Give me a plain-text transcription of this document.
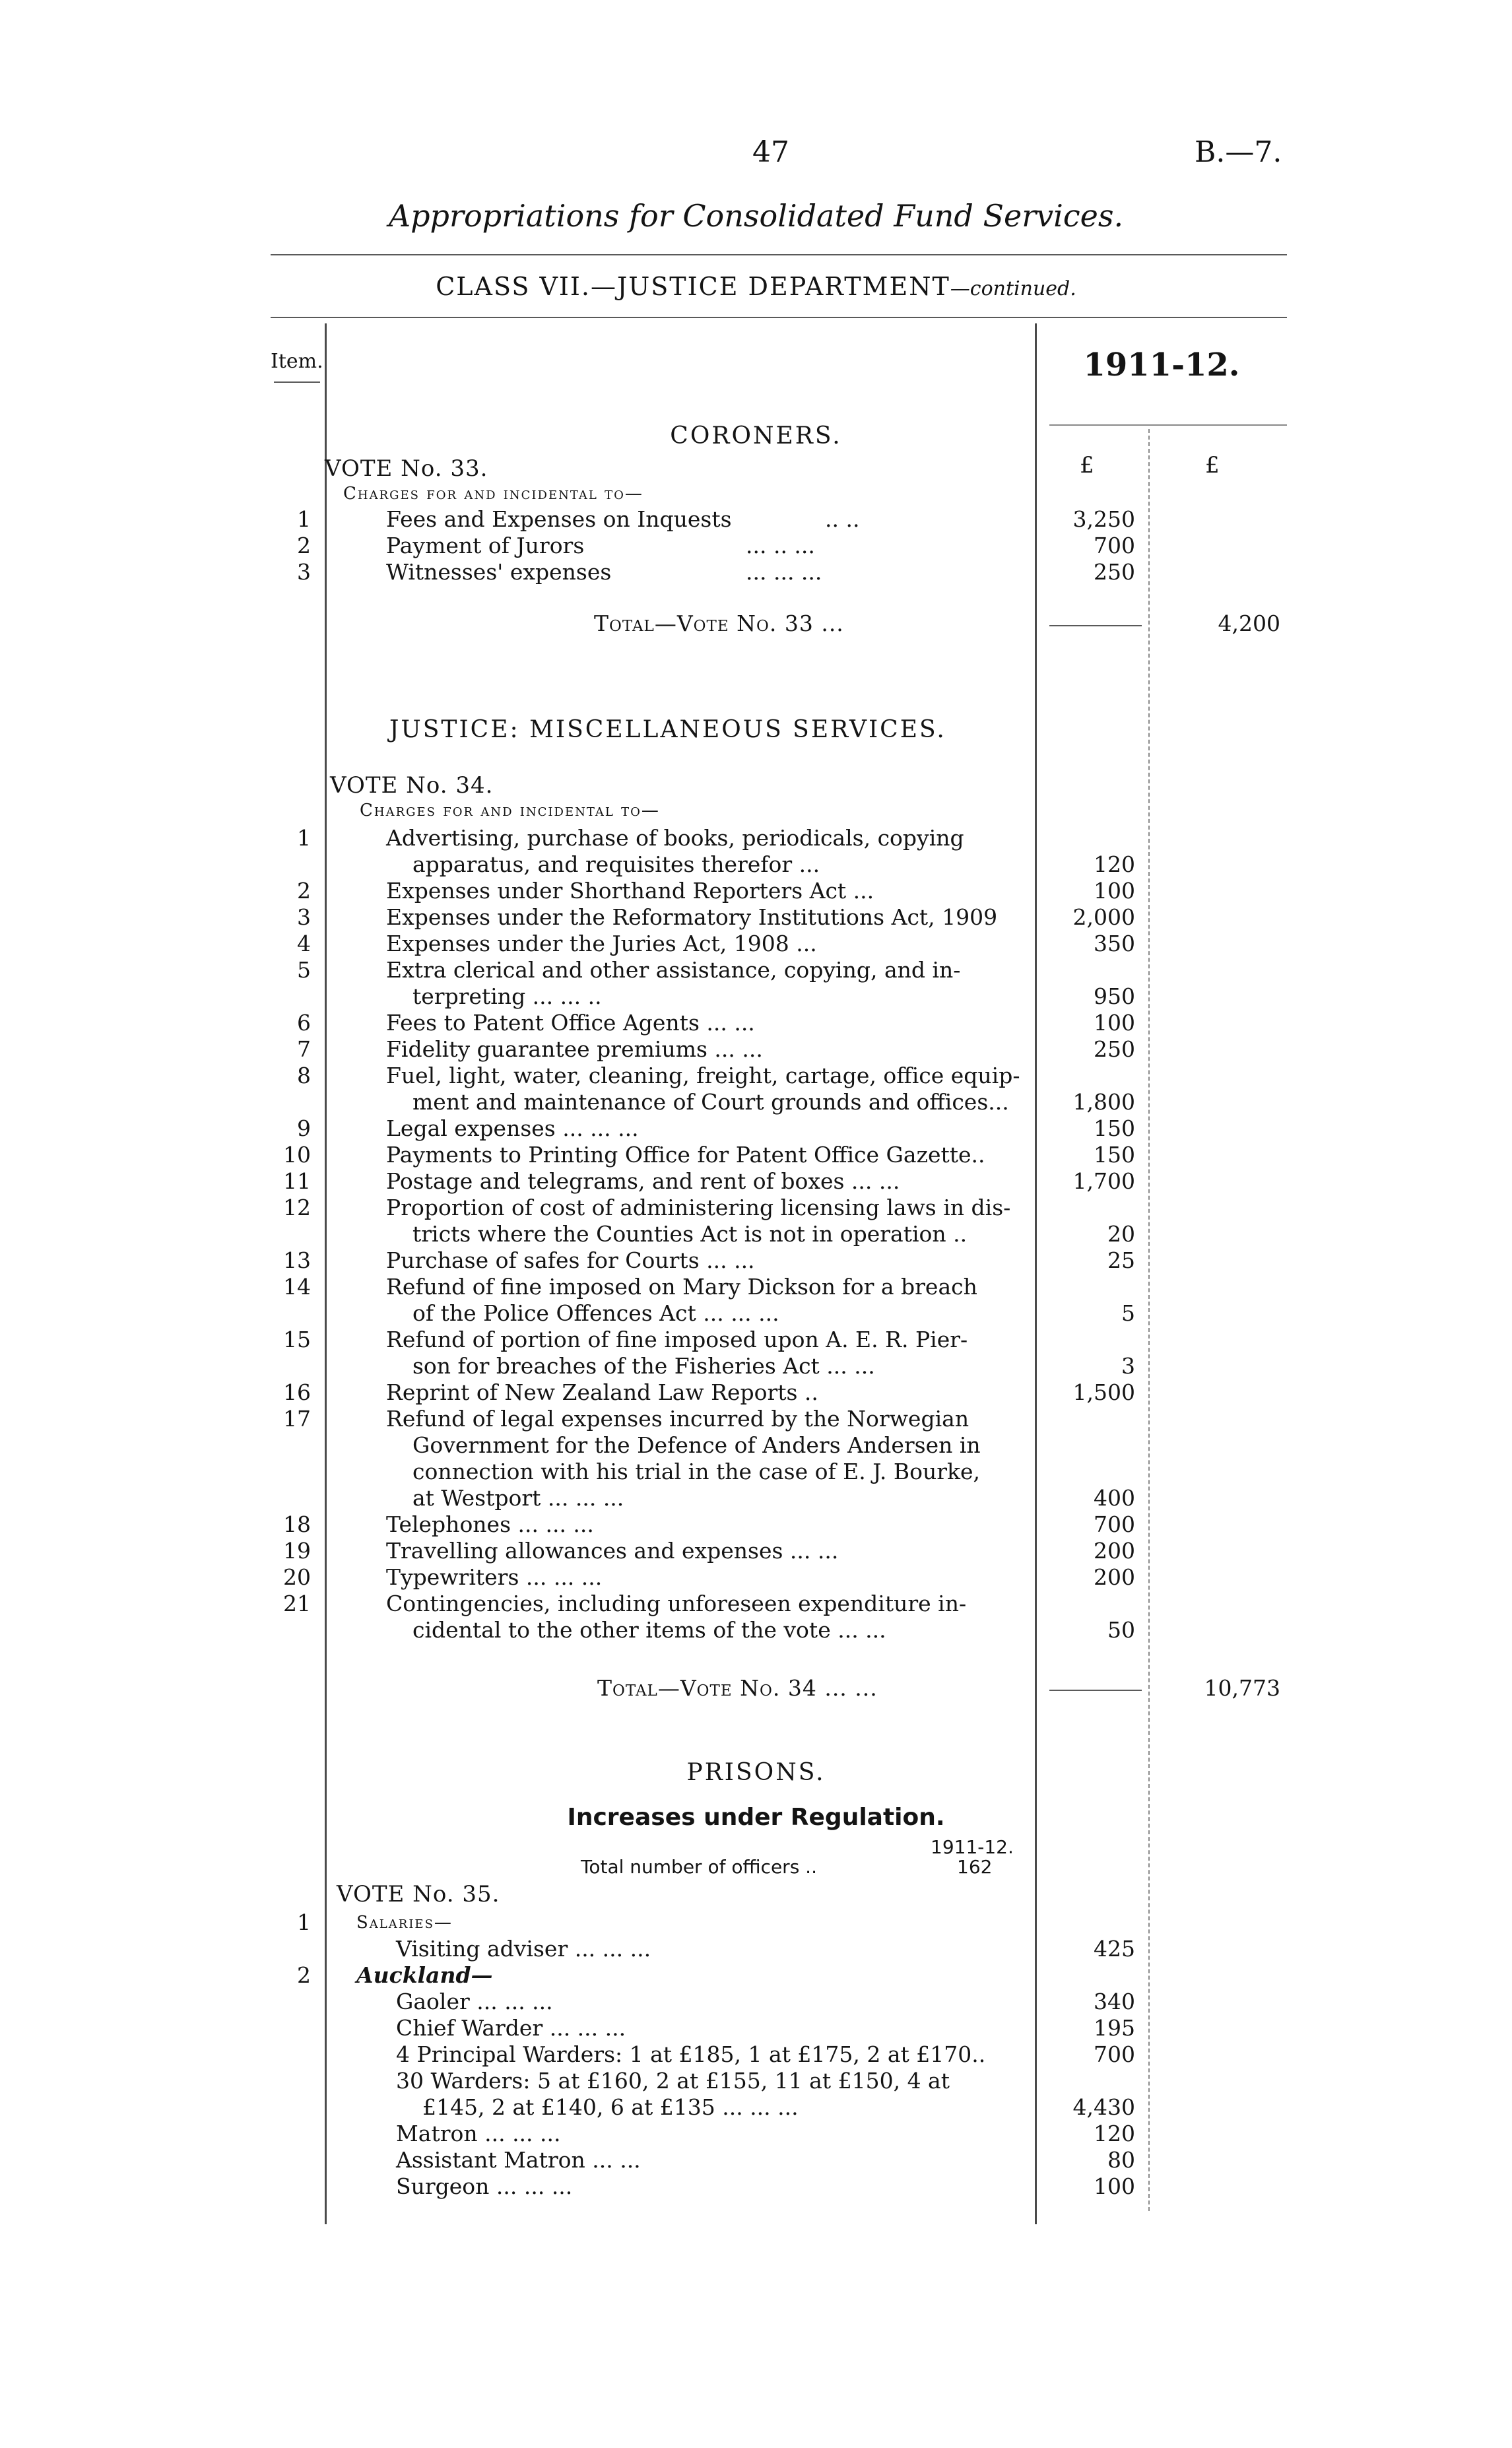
47	B.—7.
Appropriations for Consolidated Fund Services.
CLASS VII.—JUSTICE DEPARTMENT—continued.
Item.	1911-12.
CORONERS.
VOTE No. 33.	£	£
Charges for and incidental to—
1	Fees and Expenses on Inquests	.. ..	3,250
2	Payment of Jurors	... .. ...	700
3	Witnesses' expenses	... ... ...	250
Total—Vote No. 33 ...	4,200
JUSTICE: MISCELLANEOUS SERVICES.
VOTE No. 34.
Charges for and incidental to—
1	Advertising, purchase of books, periodicals, copying
apparatus, and requisites therefor ...	120
2	Expenses under Shorthand Reporters Act ...	100
3	Expenses under the Reformatory Institutions Act, 1909	2,000
4	Expenses under the Juries Act, 1908 ...	350
5	Extra clerical and other assistance, copying, and in-
terpreting ... ... ..	950
6	Fees to Patent Office Agents ... ...	100
7	Fidelity guarantee premiums ... ...	250
8	Fuel, light, water, cleaning, freight, cartage, office equip-
ment and maintenance of Court grounds and offices...	1,800
9	Legal expenses ... ... ...	150
10	Payments to Printing Office for Patent Office Gazette..	150
11	Postage and telegrams, and rent of boxes ... ...	1,700
12	Proportion of cost of administering licensing laws in dis-
tricts where the Counties Act is not in operation ..	20
13	Purchase of safes for Courts ... ...	25
14	Refund of fine imposed on Mary Dickson for a breach
of the Police Offences Act ... ... ...	5
15	Refund of portion of fine imposed upon A. E. R. Pier-
son for breaches of the Fisheries Act ... ...	3
16	Reprint of New Zealand Law Reports ..	1,500
17	Refund of legal expenses incurred by the Norwegian
Government for the Defence of Anders Andersen in
connection with his trial in the case of E. J. Bourke,
at Westport ... ... ...	400
18	Telephones ... ... ...	700
19	Travelling allowances and expenses ... ...	200
20	Typewriters ... ... ...	200
21	Contingencies, including unforeseen expenditure in-
cidental to the other items of the vote ... ...	50
Total—Vote No. 34 ... ...	10,773
PRISONS.
Increases under Regulation.
1911-12.
Total number of officers ..	162
VOTE No. 35.
1	Salaries—
Visiting adviser ... ... ...	425
2 Auckland—
Gaoler ... ... ...	340
Chief Warder ... ... ...	195
4 Principal Warders: 1 at £185, 1 at £175, 2 at £170..	700
30 Warders: 5 at £160, 2 at £155, 11 at £150, 4 at
£145, 2 at £140, 6 at £135 ... ... ...	4,430
Matron ... ... ...	120
Assistant Matron ... ...	80
Surgeon ... ... ...	100
